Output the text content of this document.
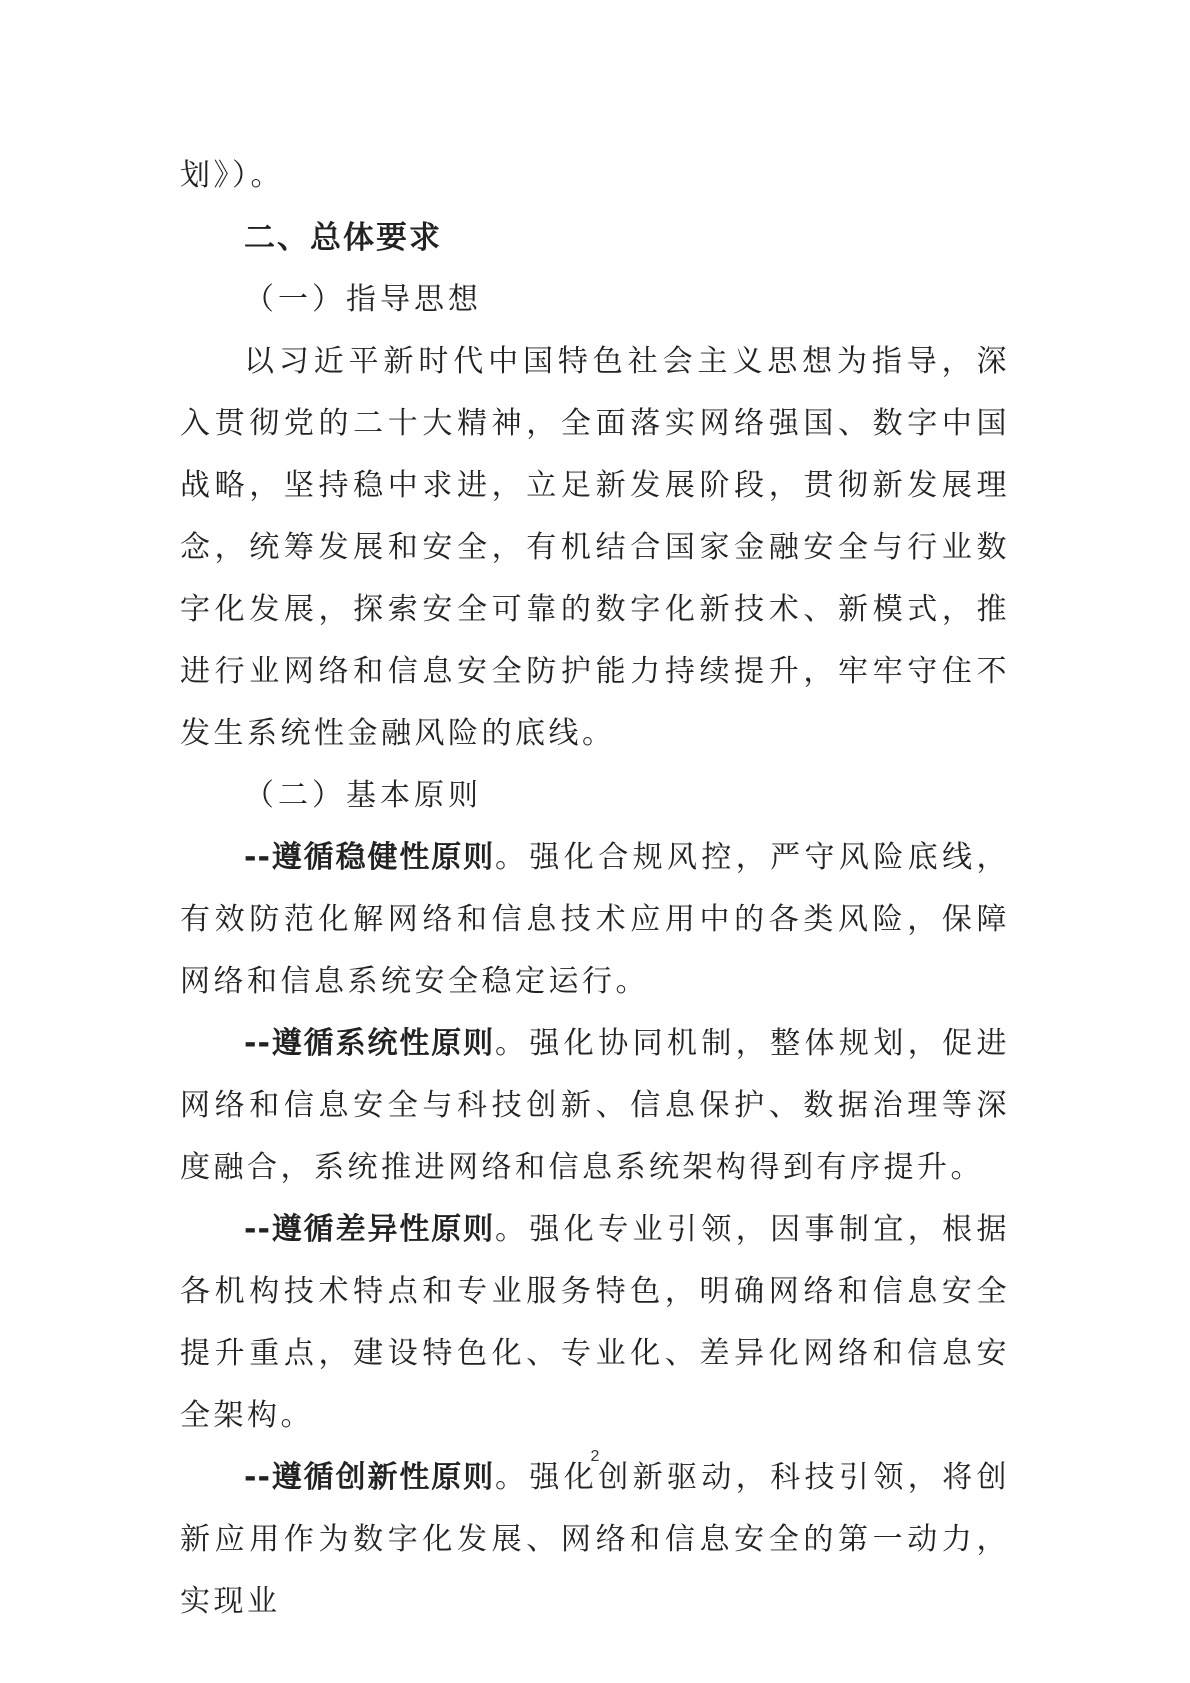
划》）。
二、总体要求
（一）指导思想

以习近平新时代中国特色社会主义思想为指导，深入贯彻党的二十大精神，全面落实网络强国、数字中国战略，坚持稳中求进，立足新发展阶段，贯彻新发展理念，统筹发展和安全，有机结合国家金融安全与行业数字化发展，探索安全可靠的数字化新技术、新模式，推进行业网络和信息安全防护能力持续提升，牢牢守住不发生系统性金融风险的底线。

（二）基本原则

--遵循稳健性原则。强化合规风控，严守风险底线，有效防范化解网络和信息技术应用中的各类风险，保障网络和信息系统安全稳定运行。

--遵循系统性原则。强化协同机制，整体规划，促进网络和信息安全与科技创新、信息保护、数据治理等深度融合，系统推进网络和信息系统架构得到有序提升。

--遵循差异性原则。强化专业引领，因事制宜，根据各机构技术特点和专业服务特色，明确网络和信息安全提升重点，建设特色化、专业化、差异化网络和信息安全架构。

--遵循创新性原则。强化创新驱动，科技引领，将创新应用作为数字化发展、网络和信息安全的第一动力，实现业

2
